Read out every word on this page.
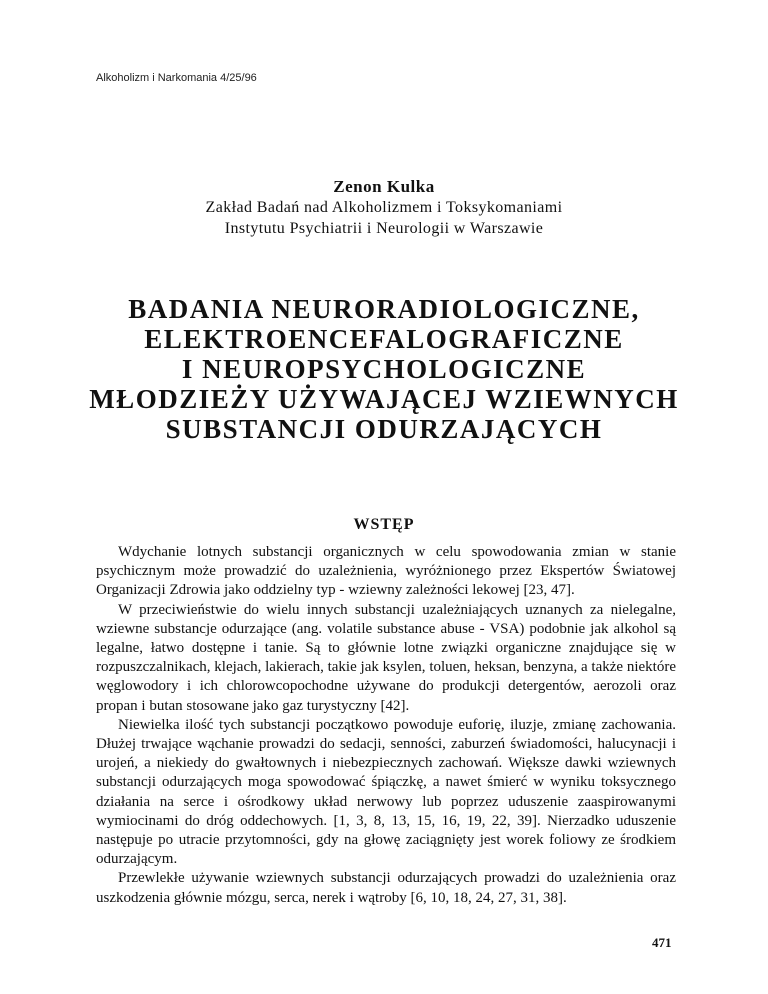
Alkoholizm i Narkomania 4/25/96
Zenon Kulka
Zakład Badań nad Alkoholizmem i Toksykomaniami
Instytutu Psychiatrii i Neurologii w Warszawie
BADANIA NEURORADIOLOGICZNE,
ELEKTROENCEFALOGRAFICZNE
I NEUROPSYCHOLOGICZNE
MŁODZIEŻY UŻYWAJĄCEJ WZIEWNYCH
SUBSTANCJI ODURZAJĄCYCH
WSTĘP

Wdychanie lotnych substancji organicznych w celu spowodowania zmian w stanie psychicznym może prowadzić do uzależnienia, wyróżnionego przez Ekspertów Światowej Organizacji Zdrowia jako oddzielny typ - wziewny zależności lekowej [23, 47].

W przeciwieństwie do wielu innych substancji uzależniających uznanych za nielegalne, wziewne substancje odurzające (ang. volatile substance abuse - VSA) podobnie jak alkohol są legalne, łatwo dostępne i tanie. Są to głównie lotne związki organiczne znajdujące się w rozpuszczalnikach, klejach, lakierach, takie jak ksylen, toluen, heksan, benzyna, a także niektóre węglowodory i ich chlorowcopochodne używane do produkcji detergentów, aerozoli oraz propan i butan stosowane jako gaz turystyczny [42].

Niewielka ilość tych substancji początkowo powoduje euforię, iluzje, zmianę zachowania. Dłużej trwające wąchanie prowadzi do sedacji, senności, zaburzeń świadomości, halucynacji i urojeń, a niekiedy do gwałtownych i niebezpiecznych zachowań. Większe dawki wziewnych substancji odurzających moga spowodować śpiączkę, a nawet śmierć w wyniku toksycznego działania na serce i ośrodkowy układ nerwowy lub poprzez uduszenie zaaspirowanymi wymiocinami do dróg oddechowych. [1, 3, 8, 13, 15, 16, 19, 22, 39]. Nierzadko uduszenie następuje po utracie przytomności, gdy na głowę zaciągnięty jest worek foliowy ze środkiem odurzającym.

Przewlekłe używanie wziewnych substancji odurzających prowadzi do uzależnienia oraz uszkodzenia głównie mózgu, serca, nerek i wątroby [6, 10, 18, 24, 27, 31, 38].

471
